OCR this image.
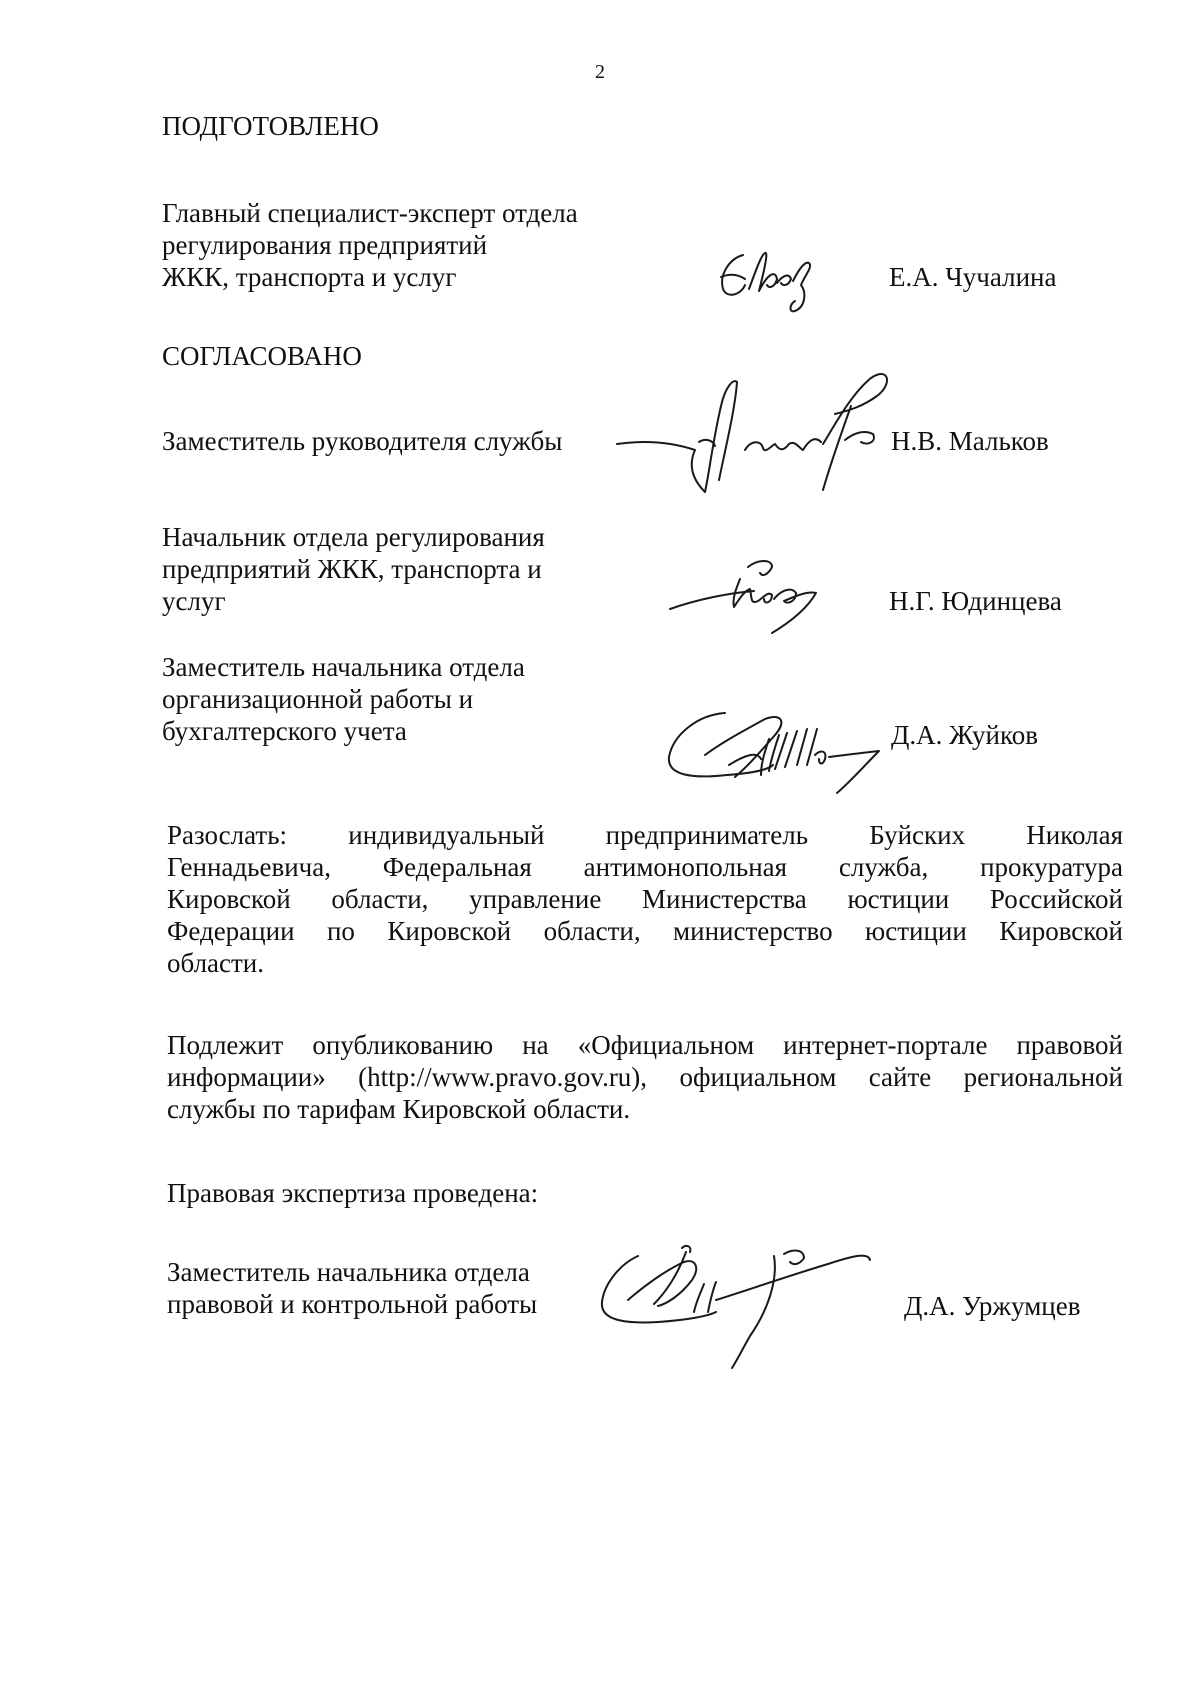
2
ПОДГОТОВЛЕНО
Главный специалист-эксперт отдела
регулирования предприятий
ЖКК, транспорта и услуг	Е.А. Чучалина
СОГЛАСОВАНО
Заместитель руководителя службы	Н.В. Мальков
Начальник отдела регулирования
предприятий ЖКК, транспорта и
услуг	Н.Г. Юдинцева
Заместитель начальника отдела
организационной работы и
бухгалтерского учета	Д.А. Жуйков
Разослать: индивидуальный предприниматель Буйских Николая
Геннадьевича, Федеральная антимонопольная служба, прокуратура
Кировской области, управление Министерства юстиции Российской
Федерации по Кировской области, министерство юстиции Кировской
области.
Подлежит опубликованию на «Официальном интернет-портале правовой
информации» (http://www.pravo.gov.ru), официальном сайте региональной
службы по тарифам Кировской области.
Правовая экспертиза проведена:
Заместитель начальника отдела
правовой и контрольной работы	Д.А. Уржумцев
